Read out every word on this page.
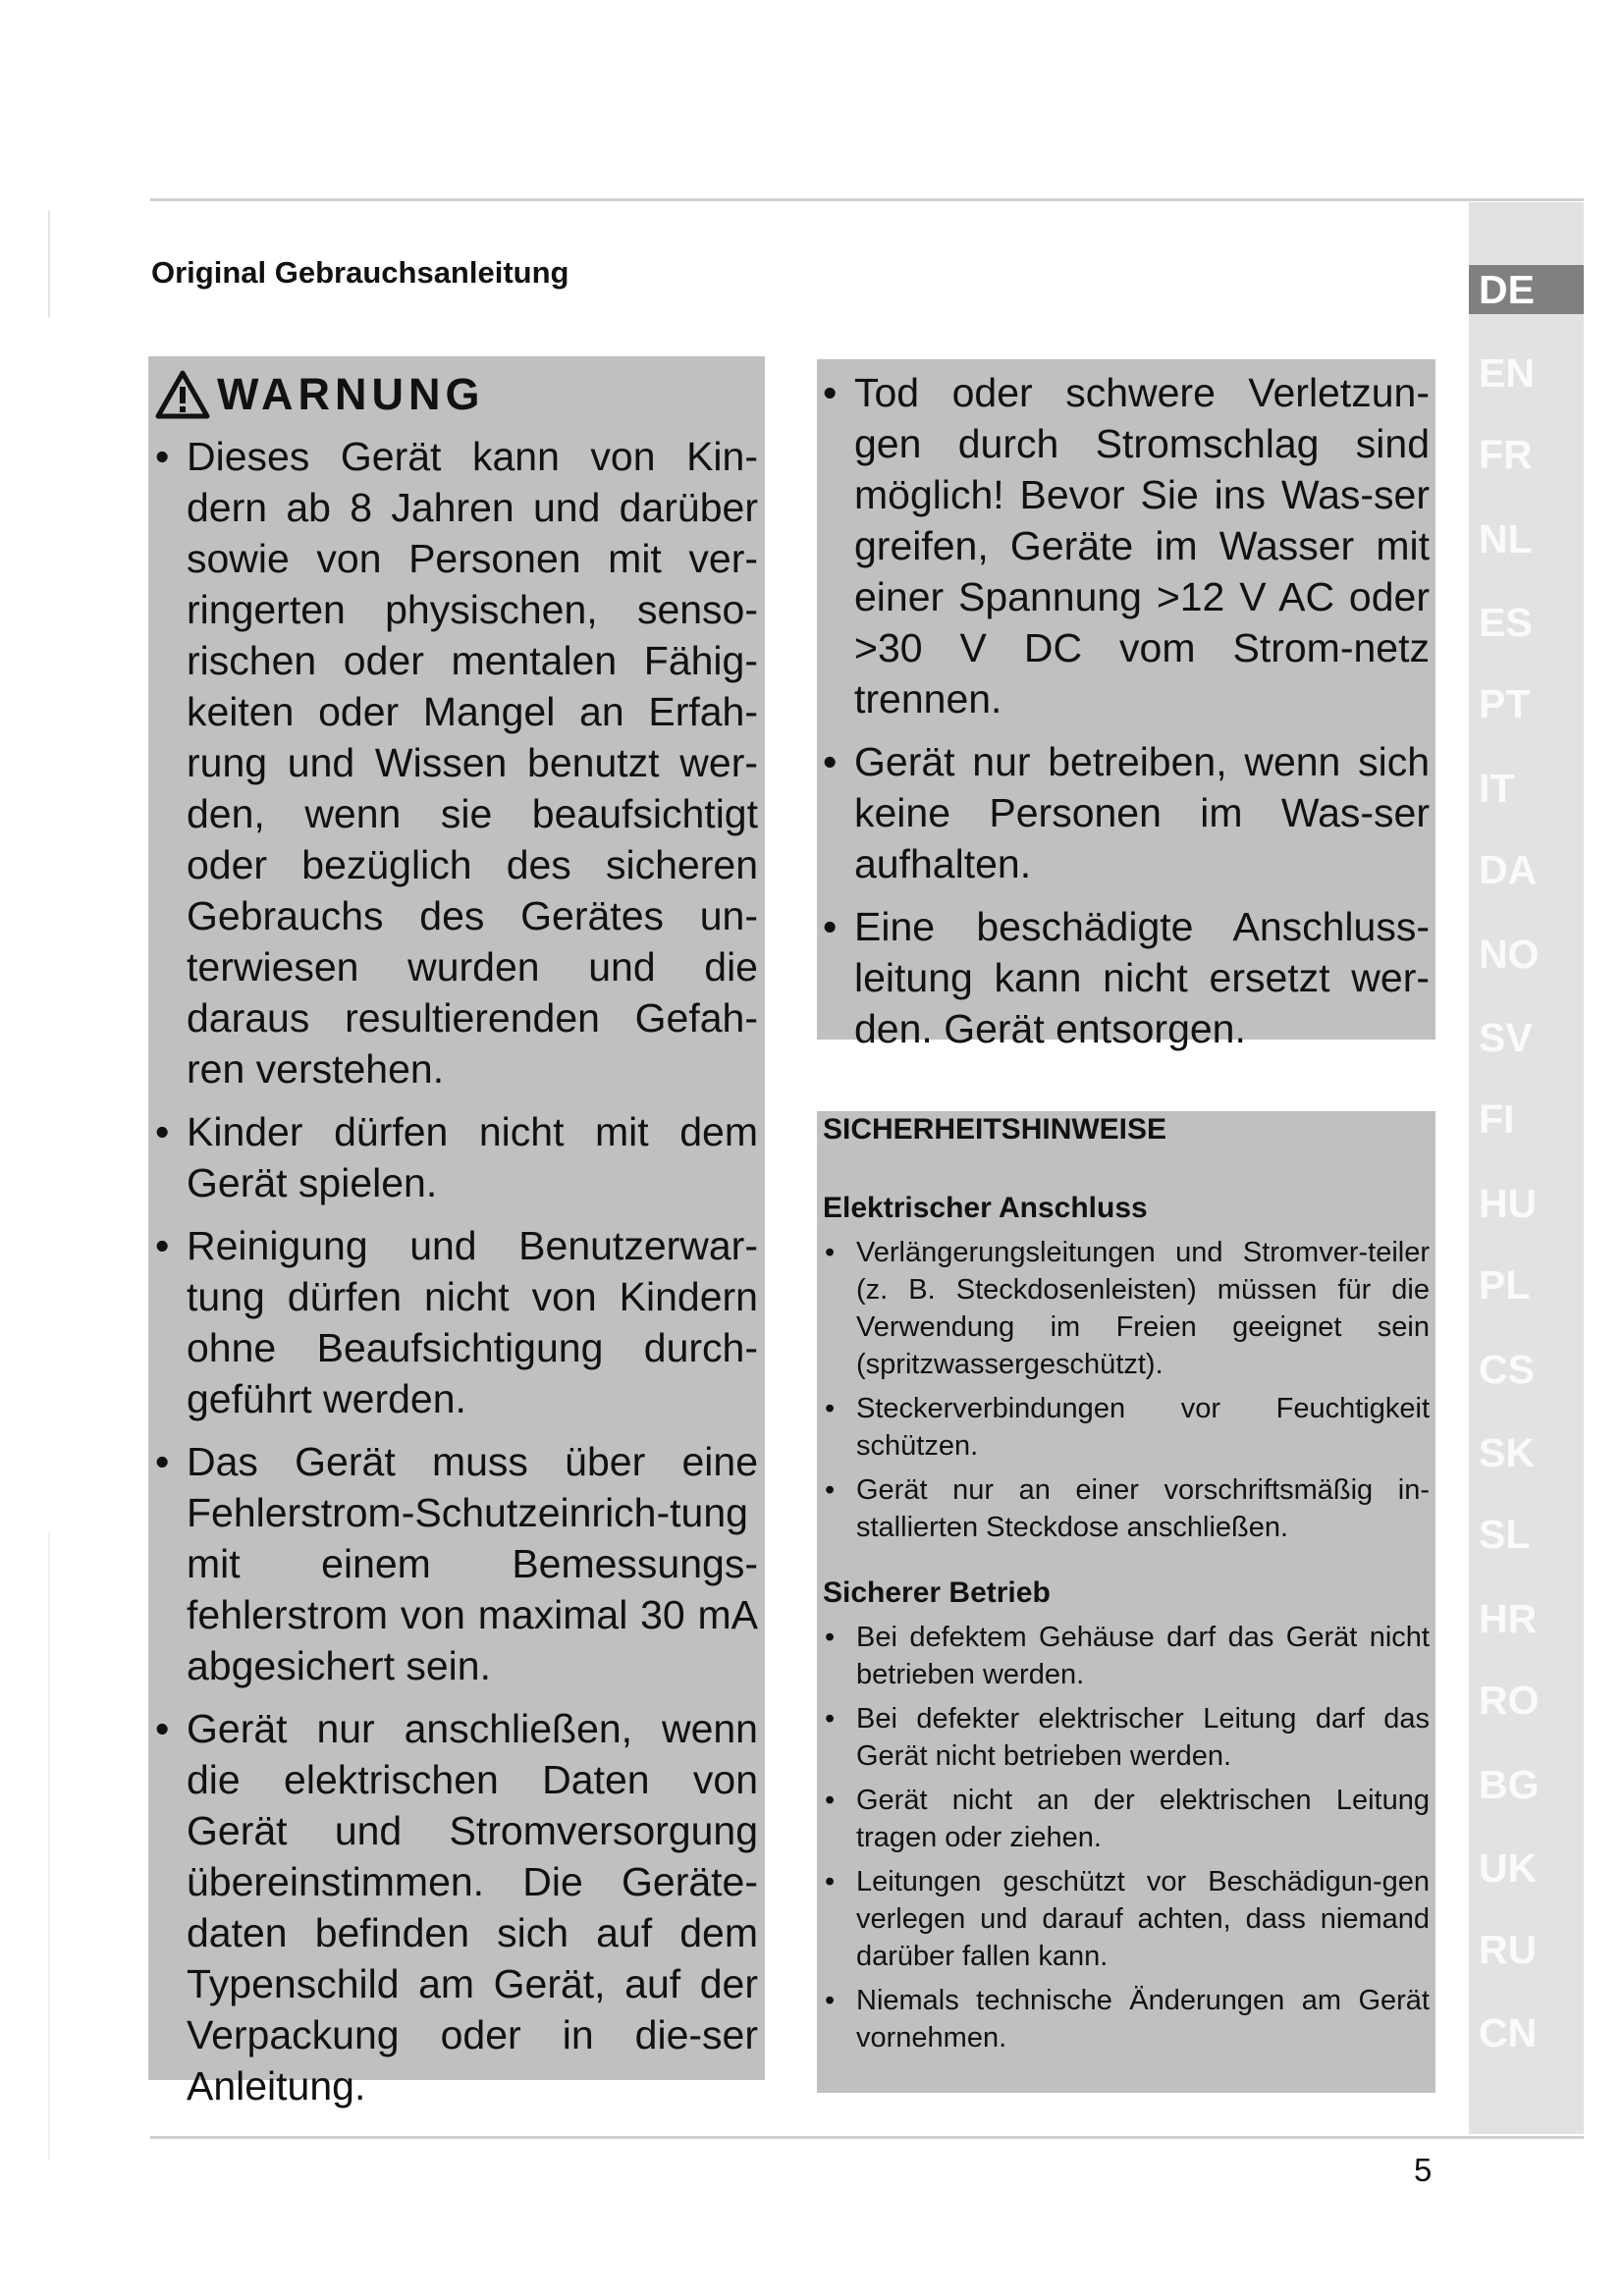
Original Gebrauchsanleitung	DE
EN
FR
NL
ES
PT
IT
DA
NO
SV
FI
HU
PL
CS
SK
SL
HR
RO
BG
UK
RU
CN
WARNUNG
• Dieses Gerät kann von Kin-dern ab 8 Jahren und darüber sowie von Personen mit ver-ringerten physischen, senso-rischen oder mentalen Fähig-keiten oder Mangel an Erfah-rung und Wissen benutzt wer-den, wenn sie beaufsichtigt oder bezüglich des sicheren Gebrauchs des Gerätes un-terwiesen wurden und die daraus resultierenden Gefah-ren verstehen.
• Kinder dürfen nicht mit dem Gerät spielen.
• Reinigung und Benutzerwar-tung dürfen nicht von Kindern ohne Beaufsichtigung durch-geführt werden.
• Das Gerät muss über eine Fehlerstrom-Schutzeinrich-tung mit einem Bemessungs-fehlerstrom von maximal 30 mA abgesichert sein.
• Gerät nur anschließen, wenn die elektrischen Daten von Gerät und Stromversorgung übereinstimmen. Die Geräte-daten befinden sich auf dem Typenschild am Gerät, auf der Verpackung oder in die-ser Anleitung.
• Tod oder schwere Verletzun-gen durch Stromschlag sind möglich! Bevor Sie ins Was-ser greifen, Geräte im Wasser mit einer Spannung >12 V AC oder >30 V DC vom Strom-netz trennen.
• Gerät nur betreiben, wenn sich keine Personen im Was-ser aufhalten.
• Eine beschädigte Anschluss-leitung kann nicht ersetzt wer-den. Gerät entsorgen.
SICHERHEITSHINWEISE
Elektrischer Anschluss
• Verlängerungsleitungen und Stromver-teiler (z. B. Steckdosenleisten) müssen für die Verwendung im Freien geeignet sein (spritzwassergeschützt).
• Steckerverbindungen vor Feuchtigkeit schützen.
• Gerät nur an einer vorschriftsmäßig in-stallierten Steckdose anschließen.
Sicherer Betrieb
• Bei defektem Gehäuse darf das Gerät nicht betrieben werden.
• Bei defekter elektrischer Leitung darf das Gerät nicht betrieben werden.
• Gerät nicht an der elektrischen Leitung tragen oder ziehen.
• Leitungen geschützt vor Beschädigun-gen verlegen und darauf achten, dass niemand darüber fallen kann.
• Niemals technische Änderungen am Gerät vornehmen.
5
